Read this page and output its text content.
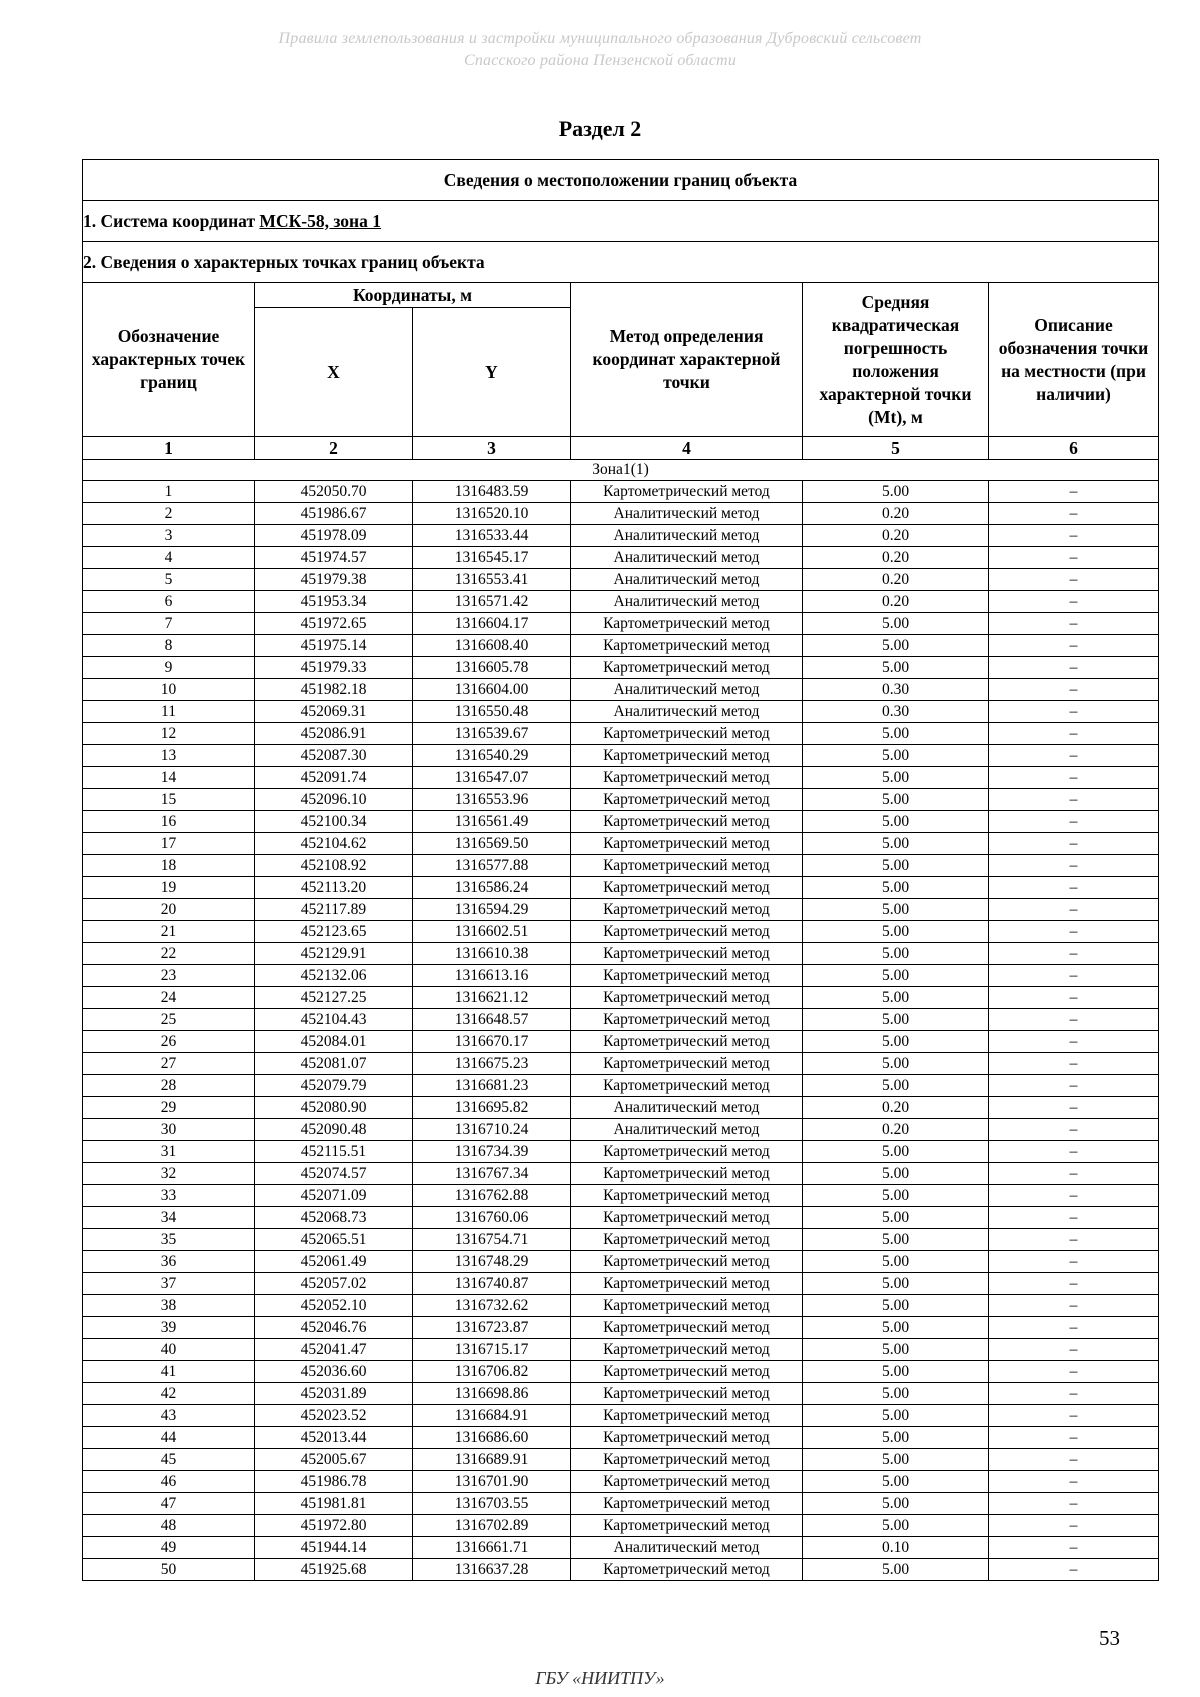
Правила землепользования и застройки муниципального образования Дубровский сельсовет
Спасского района Пензенской области
Раздел 2
Сведения о местоположении границ объекта					
1. Система координат МСК-58, зона 1					
2. Сведения о характерных точках границ объекта					
Обозначение характерных точек границ	Координаты, м		Метод определения координат характерной точки	Средняя квадратическая погрешность положения характерной точки (Mt), м	Описание обозначения точки на местности (при наличии)
	X	Y			
1	2	3	4	5	6
Зона1(1)					
1	452050.70	1316483.59	Картометрический метод	5.00	–
2	451986.67	1316520.10	Аналитический метод	0.20	–
3	451978.09	1316533.44	Аналитический метод	0.20	–
4	451974.57	1316545.17	Аналитический метод	0.20	–
5	451979.38	1316553.41	Аналитический метод	0.20	–
6	451953.34	1316571.42	Аналитический метод	0.20	–
7	451972.65	1316604.17	Картометрический метод	5.00	–
8	451975.14	1316608.40	Картометрический метод	5.00	–
9	451979.33	1316605.78	Картометрический метод	5.00	–
10	451982.18	1316604.00	Аналитический метод	0.30	–
11	452069.31	1316550.48	Аналитический метод	0.30	–
12	452086.91	1316539.67	Картометрический метод	5.00	–
13	452087.30	1316540.29	Картометрический метод	5.00	–
14	452091.74	1316547.07	Картометрический метод	5.00	–
15	452096.10	1316553.96	Картометрический метод	5.00	–
16	452100.34	1316561.49	Картометрический метод	5.00	–
17	452104.62	1316569.50	Картометрический метод	5.00	–
18	452108.92	1316577.88	Картометрический метод	5.00	–
19	452113.20	1316586.24	Картометрический метод	5.00	–
20	452117.89	1316594.29	Картометрический метод	5.00	–
21	452123.65	1316602.51	Картометрический метод	5.00	–
22	452129.91	1316610.38	Картометрический метод	5.00	–
23	452132.06	1316613.16	Картометрический метод	5.00	–
24	452127.25	1316621.12	Картометрический метод	5.00	–
25	452104.43	1316648.57	Картометрический метод	5.00	–
26	452084.01	1316670.17	Картометрический метод	5.00	–
27	452081.07	1316675.23	Картометрический метод	5.00	–
28	452079.79	1316681.23	Картометрический метод	5.00	–
29	452080.90	1316695.82	Аналитический метод	0.20	–
30	452090.48	1316710.24	Аналитический метод	0.20	–
31	452115.51	1316734.39	Картометрический метод	5.00	–
32	452074.57	1316767.34	Картометрический метод	5.00	–
33	452071.09	1316762.88	Картометрический метод	5.00	–
34	452068.73	1316760.06	Картометрический метод	5.00	–
35	452065.51	1316754.71	Картометрический метод	5.00	–
36	452061.49	1316748.29	Картометрический метод	5.00	–
37	452057.02	1316740.87	Картометрический метод	5.00	–
38	452052.10	1316732.62	Картометрический метод	5.00	–
39	452046.76	1316723.87	Картометрический метод	5.00	–
40	452041.47	1316715.17	Картометрический метод	5.00	–
41	452036.60	1316706.82	Картометрический метод	5.00	–
42	452031.89	1316698.86	Картометрический метод	5.00	–
43	452023.52	1316684.91	Картометрический метод	5.00	–
44	452013.44	1316686.60	Картометрический метод	5.00	–
45	452005.67	1316689.91	Картометрический метод	5.00	–
46	451986.78	1316701.90	Картометрический метод	5.00	–
47	451981.81	1316703.55	Картометрический метод	5.00	–
48	451972.80	1316702.89	Картометрический метод	5.00	–
49	451944.14	1316661.71	Аналитический метод	0.10	–
50	451925.68	1316637.28	Картометрический метод	5.00	–
53
ГБУ «НИИТПУ»
